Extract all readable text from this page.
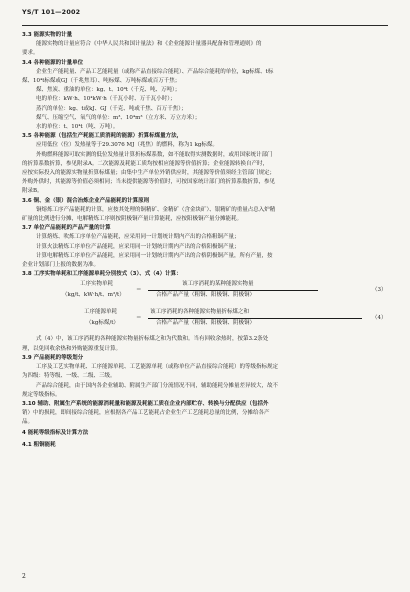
YS/T 101—2002

3.3 能源实物的计量

能源实物的计量应符合《中华人民共和国计量法》和《企业能源计量器具配备和管理通则》的

要求。

3.4 各种能源的计量单位

企业生产能耗量、产品工艺能耗量（或称产品直接综合能耗）、产品综合能耗的单位，kg标煤、t标

煤、10⁴t标煤或GJ（千兆焦耳）、吨标煤、万吨标煤或百万千焦；

煤、焦炭、重油的单位：kg、t、10⁴t（千克、吨、万吨）；

电的单位：kW·h、10⁴kW·h（千瓦小时、万千瓦小时）；

蒸汽的单位：kg、t或kJ、GJ（千克、吨或千焦、百万千焦）；

煤气、压缩空气、氧气的单位：m³、10⁴m³（立方米、万立方米）；

水的单位：t、10⁴t（吨、万吨）。

3.5 各种能源（包括生产耗能工质消耗的能源）折算标煤量方法，

应用低位（位）发热量等于29.3076 MJ（兆焦）的燃料，称为1 kg标煤。

外购燃料能源可取实测的低位发热量计算折标煤系数，如不能取得实测数据时，或用国家统计部门

的折算系数折算，参见附录A。二次能源及耗能工质均按相应能源等价值折算；企业能源转换自产时，

应按实际投入的能源实物量折算标煤量；由集中生产单位外销供应时，其能源等价值须经主管部门规定；

外购外供时，其能源等价值必须相同；当未提供能源等价值时，可按国家统计部门的折算系数折算，参见

附录B。

3.6 铜、金（银）混合冶炼企业产品能耗的计算原则

铜熔炼工序产品能耗的计算，应按其处理的铜精矿、金精矿（含金块矿）、银精矿的重量占总入炉精

矿量的比例进行分摊，电解精炼工序则按阴极铜产量计算能耗，应按阳极铜产量分摊能耗。

3.7 单位产品能耗的产品产量的计算

计算熔炼、吹炼工序单位产品能耗，应采用同一计划统计期内产出的合格粗铜产量；

计算火法精炼工序单位产品能耗，应采用同一计划统计期内产出的合格阳极铜产量；

计算电解精炼工序单位产品能耗，应采用同一计划统计期内产出的合格阴极铜产量，所有产量，按

企业计划部门上报的数据为准。

3.8 工序实物单耗和工序能源单耗分别按式（3）、式（4）计算：

工序实物单耗
（kg/t、kW·h/t、m³/t）
＝
该工序消耗的某种能源实物量
合格产品产量（粗铜、阳极铜、阴极铜）
（3）
工序能源单耗
（kg标煤/t）
＝
该工序消耗的各种能源实物量折标煤之和
合格产品产量（粗铜、阳极铜、阴极铜）
（4）

式（4）中，该工序消耗的各种能源实物量折标煤之和为代数和。当有回收余热时，按第3.2条处

理，以免回收余热和外购能源重复计算。

3.9 产品能耗的等级划分

工序及工艺实物单耗、工序能源单耗、工艺能源单耗（或称单位产品直接综合能耗）的等级指标规定

为四级：特等级、一级、二级、三级。

产品综合能耗，由于国内各企业辅助、附属生产部门分流情况不同，辅助能耗分摊量差异较大，故不

规定等级指标。

3.10 辅助、附属生产系统的能源消耗量和能源及耗能工质在企业内部贮存、转换与分配供应（包括外

销）中的损耗，即间接综合能耗，应根据各产品工艺能耗占企业生产工艺能耗总量的比例，分摊给各产

品。

4 能耗等级指标及计算方法

4.1 粗铜能耗

2
